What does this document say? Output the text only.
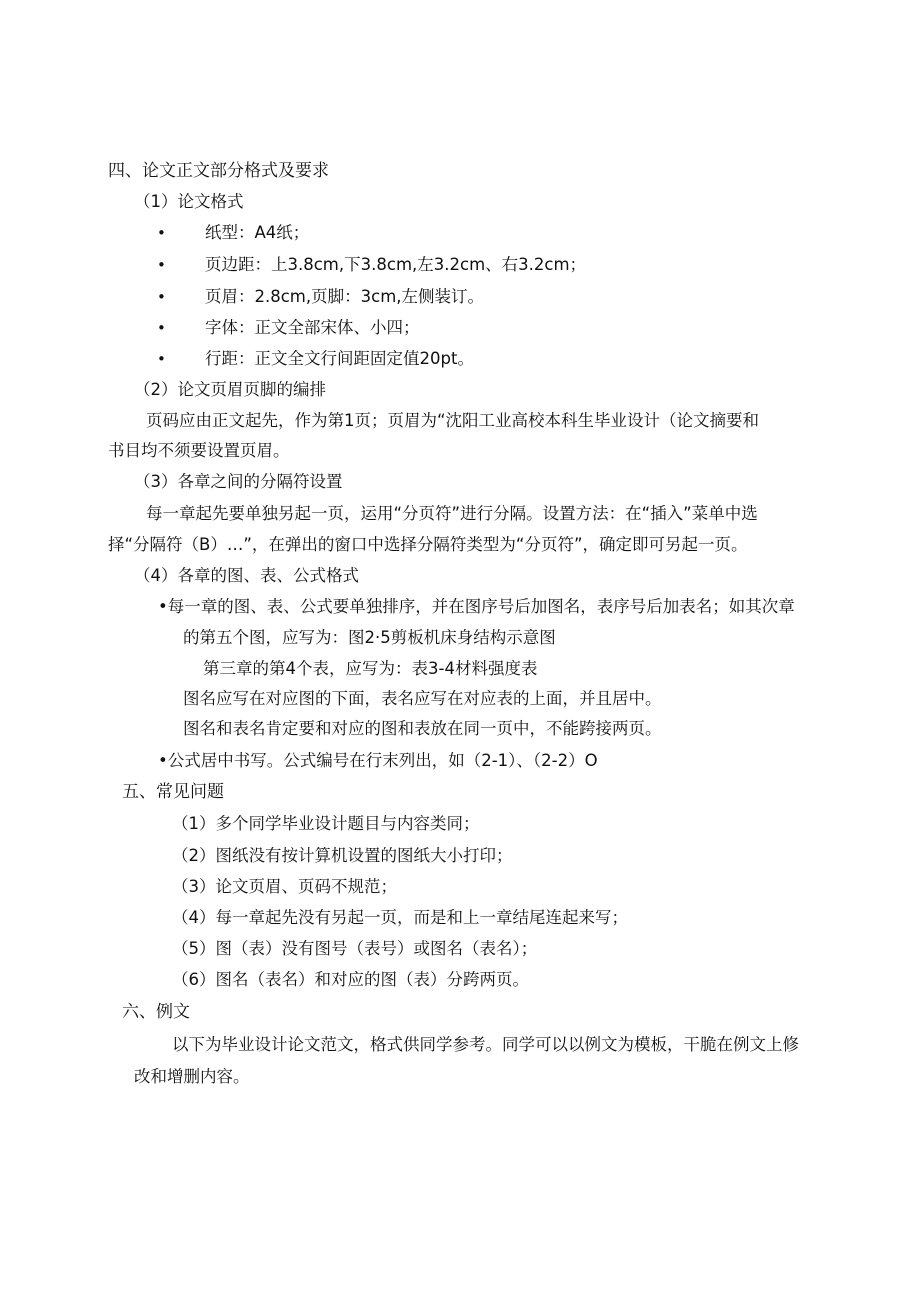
四、论文正文部分格式及要求
（1）论文格式
• 纸型：A4纸；
• 页边距：上3.8cm,下3.8cm,左3.2cm、右3.2cm；
• 页眉：2.8cm,页脚：3cm,左侧装订。
• 字体：正文全部宋体、小四；
• 行距：正文全文行间距固定值20pt。
（2）论文页眉页脚的编排
页码应由正文起先，作为第1页；页眉为“沈阳工业高校本科生毕业设计（论文摘要和
书目均不须要设置页眉。
（3）各章之间的分隔符设置
每一章起先要单独另起一页，运用“分页符”进行分隔。设置方法：在“插入”菜单中选
择“分隔符（B）…”，在弹出的窗口中选择分隔符类型为“分页符”，确定即可另起一页。
（4）各章的图、表、公式格式
•每一章的图、表、公式要单独排序，并在图序号后加图名，表序号后加表名；如其次章
的第五个图，应写为：图2·5剪板机床身结构示意图
第三章的第4个表，应写为：表3-4材料强度表
图名应写在对应图的下面，表名应写在对应表的上面，并且居中。
图名和表名肯定要和对应的图和表放在同一页中，不能跨接两页。
•公式居中书写。公式编号在行末列出，如（2-1）、（2-2）O
五、常见问题
（1）多个同学毕业设计题目与内容类同；
（2）图纸没有按计算机设置的图纸大小打印；
（3）论文页眉、页码不规范；
（4）每一章起先没有另起一页，而是和上一章结尾连起来写；
（5）图（表）没有图号（表号）或图名（表名）；
（6）图名（表名）和对应的图（表）分跨两页。
六、例文
以下为毕业设计论文范文，格式供同学参考。同学可以以例文为模板，干脆在例文上修
改和增删内容。
